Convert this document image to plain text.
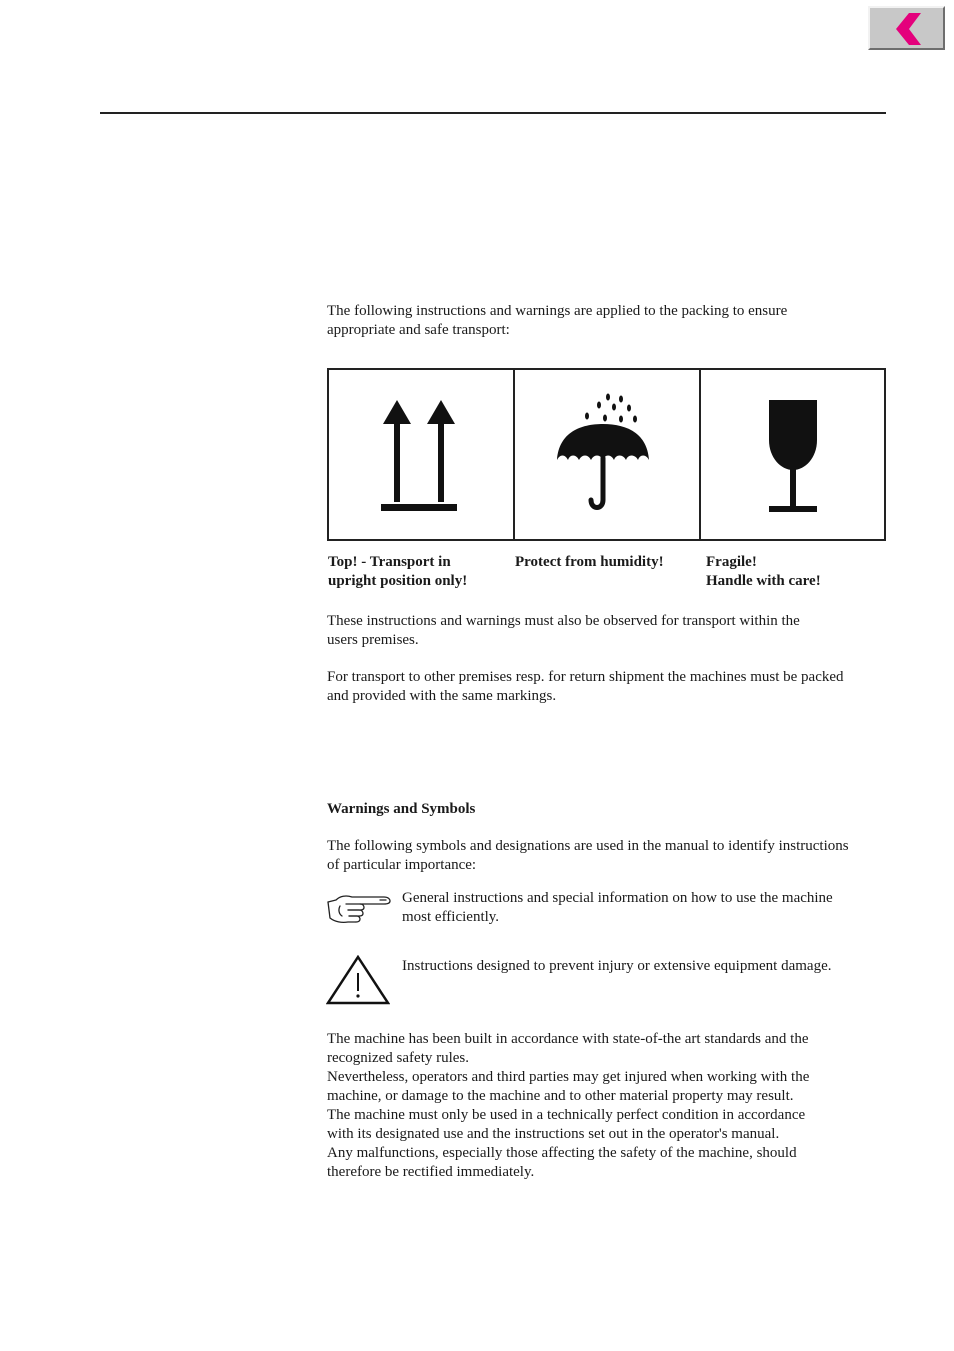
The following instructions and warnings are applied to the packing to ensure
appropriate and safe transport:

Top! - Transport in
upright position only!

Protect from humidity!	Fragile!
Handle with care!

These instructions and warnings must also be observed for transport within the
users premises.

For transport to other premises resp. for return shipment the machines must be packed
and provided with the same markings.

Warnings and Symbols

The following symbols and designations are used in the manual to identify instructions
of particular importance:

General instructions and special information on how to use the machine
most efficiently.

Instructions designed to prevent injury or extensive equipment damage.

The machine has been built in accordance with state-of-the art standards and the
recognized safety rules.
Nevertheless, operators and third parties may get injured when working with the
machine, or damage to the machine and to other material property may result.
The machine must only be used in a technically perfect condition in accordance
with its designated use and the instructions set out in the operator's manual.
Any malfunctions, especially those affecting the safety of the machine, should
therefore be rectified immediately.
